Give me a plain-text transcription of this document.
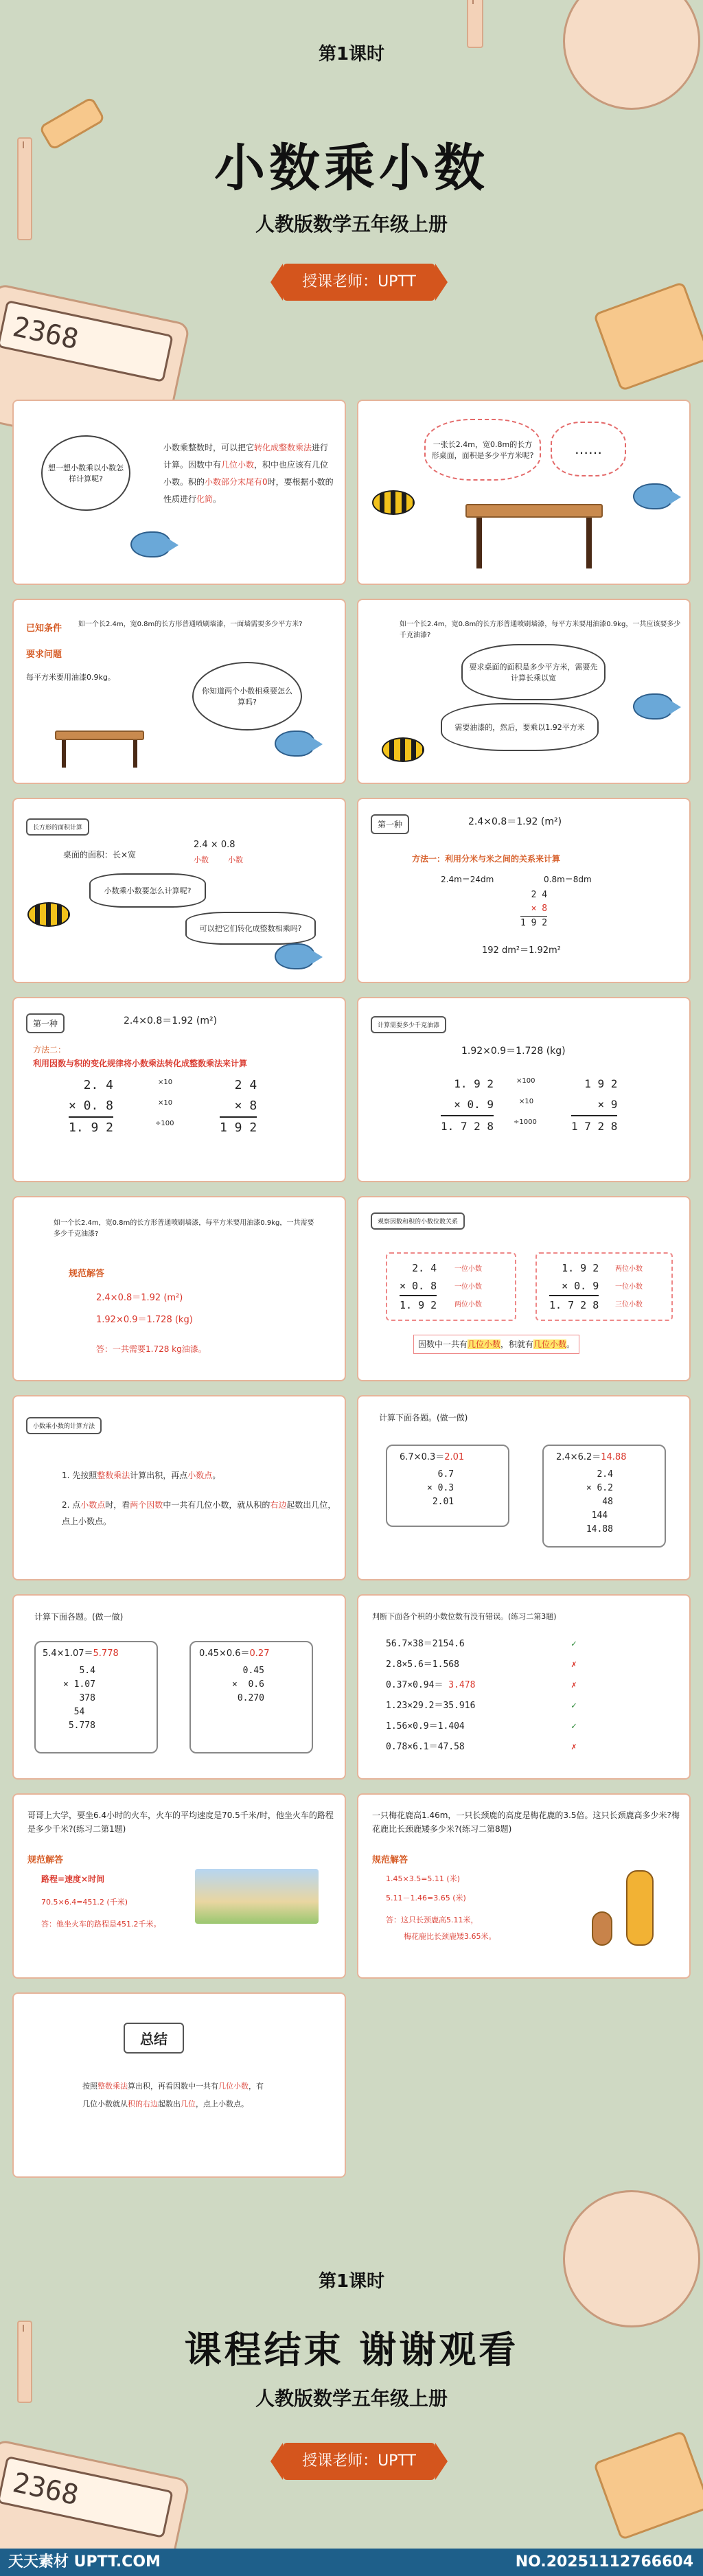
2368
第1课时
小数乘小数
人教版数学五年级上册
授课老师：UPTT
想一想小数乘以小数怎样计算呢?
小数乘整数时，可以把它转化成整数乘法进行计算。因数中有几位小数，积中也应该有几位小数。积的小数部分末尾有0时，要根据小数的性质进行化简。
一张长2.4m，宽0.8m的长方形桌面，面积是多少平方米呢?	……
已知条件 如一个长2.4m，宽0.8m的长方形普通喷刷墙漆，一面墙需要多少平方米?
要求问题
每平方米要用油漆0.9kg。
你知道两个小数相乘要怎么算吗?
如一个长2.4m，宽0.8m的长方形普通喷刷墙漆，每平方米要用油漆0.9kg，一共应该要多少千克油漆?
要求桌面的面积是多少平方米，需要先计算长乘以宽
需要油漆的，然后，要乘以1.92平方米
长方形的面积计算
桌面的面积：长×宽
2.4 × 0.8
小数	小数
小数乘小数要怎么计算呢?
可以把它们转化成整数相乘吗?
第一种	2.4×0.8＝1.92 (m²)
方法一：利用分米与米之间的关系来计算
2.4m＝24dm	0.8m＝8dm
2 4
× 8
1 9 2
192 dm²＝1.92m²
第一种	2.4×0.8＝1.92 (m²)
方法二：
利用因数与积的变化规律将小数乘法转化成整数乘法来计算
2. 4
× 0. 8
1. 9 2
2 4
× 8
1 9 2
×10
×10
÷100
计算需要多少千克油漆
1.92×0.9＝1.728 (kg)
1. 9 2
× 0. 9
1. 7 2 8
1 9 2
× 9
1 7 2 8
×100
×10
÷1000
如一个长2.4m，宽0.8m的长方形普通喷刷墙漆，每平方米要用油漆0.9kg，一共需要多少千克油漆?
规范解答
2.4×0.8＝1.92 (m²)
1.92×0.9＝1.728 (kg)
答：一共需要1.728 kg油漆。
观察因数和积的小数位数关系
2. 4
× 0. 8
1. 9 2
一位小数
一位小数
两位小数
1. 9 2
× 0. 9
1. 7 2 8
两位小数
一位小数
三位小数
因数中一共有几位小数，积就有几位小数。
小数乘小数的计算方法
1. 先按照整数乘法计算出积，再点小数点。
2. 点小数点时，看两个因数中一共有几位小数，就从积的右边起数出几位，点上小数点。
计算下面各题。(做一做)
6.7×0.3＝2.01
6.7
× 0.3
2.01
2.4×6.2＝14.88
2.4
× 6.2
48
144
14.88
计算下面各题。(做一做)
5.4×1.07＝5.778
5.4
× 1.07
378
54
5.778
0.45×0.6＝0.27
0.45
×  0.6
0.270
判断下面各个积的小数位数有没有错误。(练习二第3题)
56.7×38＝2154.6	✓
2.8×5.6＝1.568	✗
0.37×0.94＝ 3.478	✗
1.23×29.2＝35.916	✓
1.56×0.9＝1.404	✓
0.78×6.1＝47.58	✗
哥哥上大学，要坐6.4小时的火车，火车的平均速度是70.5千米/时，他坐火车的路程是多少千米?(练习二第1题)
规范解答
路程=速度×时间
70.5×6.4=451.2 (千米)
答：他坐火车的路程是451.2千米。
一只梅花鹿高1.46m，一只长颈鹿的高度是梅花鹿的3.5倍。这只长颈鹿高多少米?梅花鹿比长颈鹿矮多少米?(练习二第8题)
规范解答
1.45×3.5=5.11 (米)
5.11－1.46=3.65 (米)
答：这只长颈鹿高5.11米，
梅花鹿比长颈鹿矮3.65米。
总结
按照整数乘法算出积，再看因数中一共有几位小数，有
几位小数就从积的右边起数出几位，点上小数点。
2368
第1课时
课程结束 谢谢观看
人教版数学五年级上册
授课老师：UPTT
天天素材 UPTT.COM	NO.20251112766604
